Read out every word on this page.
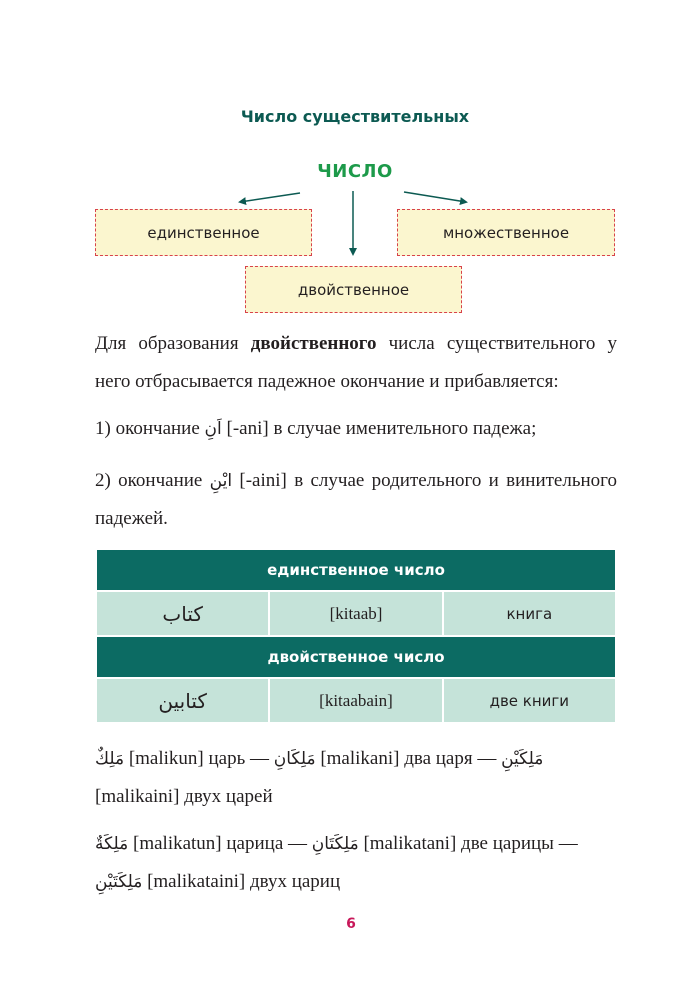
Число существительных
ЧИСЛО
единственное	множественное
двойственное
Для образования двойственного числа существительного у него отбрасывается падежное окончание и прибавляется:
1) окончание اَنِ [-ani] в случае именительного падежа;
2) окончание ايْنِ [-aini] в случае родительного и винительного падежей.
единственное число		
كتاب	[kitaab]	книга
двойственное число		
كتابين	[kitaabain]	две книги
مَلِكٌ [malikun] царь — مَلِكَانِ [malikani] два царя — مَلِكَيْنِ
[malikaini] двух царей
مَلِكَةٌ [malikatun] царица — مَلِكَتَانِ [malikatani] две царицы —
مَلِكَتَيْنِ [malikataini] двух цариц
6
